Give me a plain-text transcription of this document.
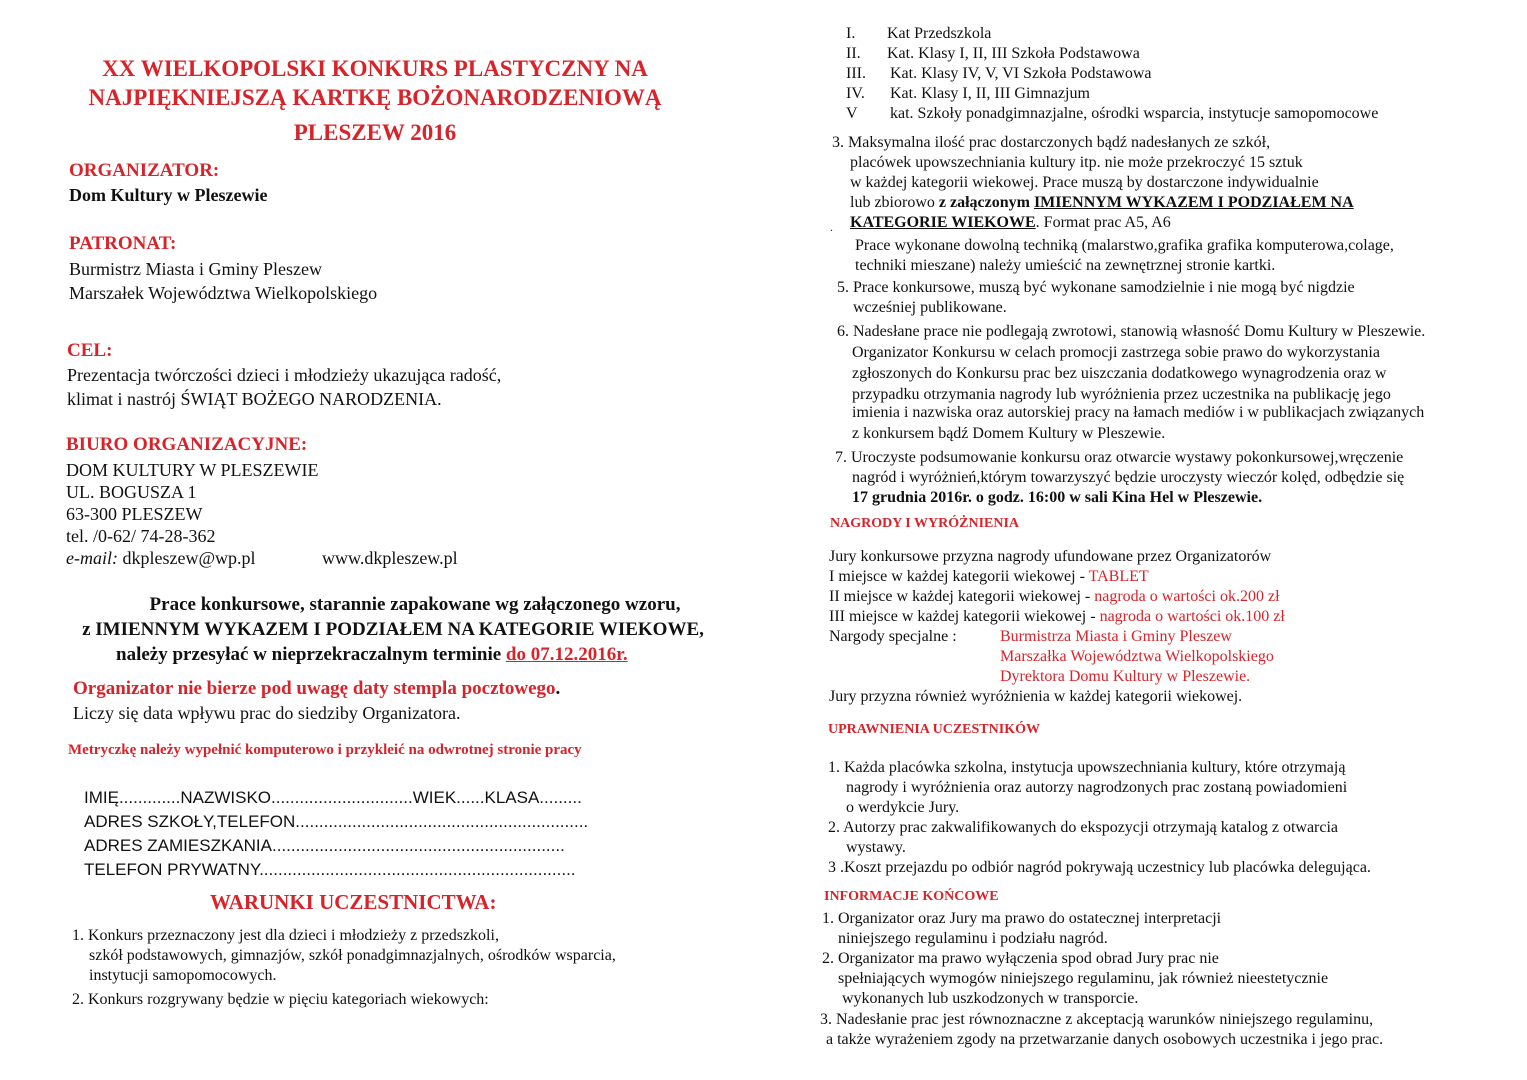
XX WIELKOPOLSKI KONKURS PLASTYCZNY NA
NAJPIĘKNIEJSZĄ KARTKĘ BOŻONARODZENIOWĄ
PLESZEW 2016
ORGANIZATOR:
Dom Kultury w Pleszewie
PATRONAT:
Burmistrz Miasta i Gminy Pleszew
Marszałek Województwa Wielkopolskiego
CEL:
Prezentacja twórczości dzieci i młodzieży ukazująca radość,
klimat i nastrój ŚWIĄT BOŻEGO NARODZENIA.
BIURO ORGANIZACYJNE:
DOM KULTURY W PLESZEWIE
UL. BOGUSZA 1
63-300 PLESZEW
tel. /0-62/ 74-28-362
e-mail: dkpleszew@wp.pl	www.dkpleszew.pl
Prace konkursowe, starannie zapakowane wg załączonego wzoru,
z IMIENNYM WYKAZEM I PODZIAŁEM NA KATEGORIE WIEKOWE,
należy przesyłać w nieprzekraczalnym terminie do 07.12.2016r.
Organizator nie bierze pod uwagę daty stempla pocztowego.
Liczy się data wpływu prac do siedziby Organizatora.
Metryczkę należy wypełnić komputerowo i przykleić na odwrotnej stronie pracy
IMIĘ.............NAZWISKO..............................WIEK......KLASA.........
ADRES SZKOŁY,TELEFON..............................................................
ADRES ZAMIESZKANIA..............................................................
TELEFON PRYWATNY...................................................................
WARUNKI UCZESTNICTWA:
1. Konkurs przeznaczony jest dla dzieci i młodzieży z przedszkoli,
szkół podstawowych, gimnazjów, szkół ponadgimnazjalnych, ośrodków wsparcia,
instytucji samopomocowych.
2. Konkurs rozgrywany będzie w pięciu kategoriach wiekowych:
I. Kat Przedszkola
II. Kat. Klasy I, II, III Szkoła Podstawowa
III. Kat. Klasy IV, V, VI Szkoła Podstawowa
IV. Kat. Klasy I, II, III Gimnazjum
V kat. Szkoły ponadgimnazjalne, ośrodki wsparcia, instytucje samopomocowe
3. Maksymalna ilość prac dostarczonych bądź nadesłanych ze szkół,
placówek upowszechniania kultury itp. nie może przekroczyć 15 sztuk
w każdej kategorii wiekowej. Prace muszą by dostarczone indywidualnie
lub zbiorowo z załączonym IMIENNYM WYKAZEM I PODZIAŁEM NA
KATEGORIE WIEKOWE. Format prac A5, A6
.
Prace wykonane dowolną techniką (malarstwo,grafika grafika komputerowa,colage,
techniki mieszane) należy umieścić na zewnętrznej stronie kartki.
5. Prace konkursowe, muszą być wykonane samodzielnie i nie mogą być nigdzie
wcześniej publikowane.
6. Nadesłane prace nie podlegają zwrotowi, stanowią własność Domu Kultury w Pleszewie.
Organizator Konkursu w celach promocji zastrzega sobie prawo do wykorzystania
zgłoszonych do Konkursu prac bez uiszczania dodatkowego wynagrodzenia oraz w
przypadku otrzymania nagrody lub wyróżnienia przez uczestnika na publikację jego
imienia i nazwiska oraz autorskiej pracy na łamach mediów i w publikacjach związanych
z konkursem bądź Domem Kultury w Pleszewie.
7. Uroczyste podsumowanie konkursu oraz otwarcie wystawy pokonkursowej,wręczenie
nagród i wyróżnień,którym towarzyszyć będzie uroczysty wieczór kolęd, odbędzie się
17 grudnia 2016r. o godz. 16:00 w sali Kina Hel w Pleszewie.
NAGRODY I WYRÓŻNIENIA
Jury konkursowe przyzna nagrody ufundowane przez Organizatorów
I miejsce w każdej kategorii wiekowej - TABLET
II miejsce w każdej kategorii wiekowej - nagroda o wartości ok.200 zł
III miejsce w każdej kategorii wiekowej - nagroda o wartości ok.100 zł
Nargody specjalne :	Burmistrza Miasta i Gminy Pleszew
Marszałka Województwa Wielkopolskiego
Dyrektora Domu Kultury w Pleszewie.
Jury przyzna również wyróżnienia w każdej kategorii wiekowej.
UPRAWNIENIA UCZESTNIKÓW
1. Każda placówka szkolna, instytucja upowszechniania kultury, które otrzymają
nagrody i wyróżnienia oraz autorzy nagrodzonych prac zostaną powiadomieni
o werdykcie Jury.
2. Autorzy prac zakwalifikowanych do ekspozycji otrzymają katalog z otwarcia
wystawy.
3 .Koszt przejazdu po odbiór nagród pokrywają uczestnicy lub placówka delegująca.
INFORMACJE KOŃCOWE
1. Organizator oraz Jury ma prawo do ostatecznej interpretacji
niniejszego regulaminu i podziału nagród.
2. Organizator ma prawo wyłączenia spod obrad Jury prac nie
spełniających wymogów niniejszego regulaminu, jak również nieestetycznie
wykonanych lub uszkodzonych w transporcie.
3. Nadesłanie prac jest równoznaczne z akceptacją warunków niniejszego regulaminu,
a także wyrażeniem zgody na przetwarzanie danych osobowych uczestnika i jego prac.
